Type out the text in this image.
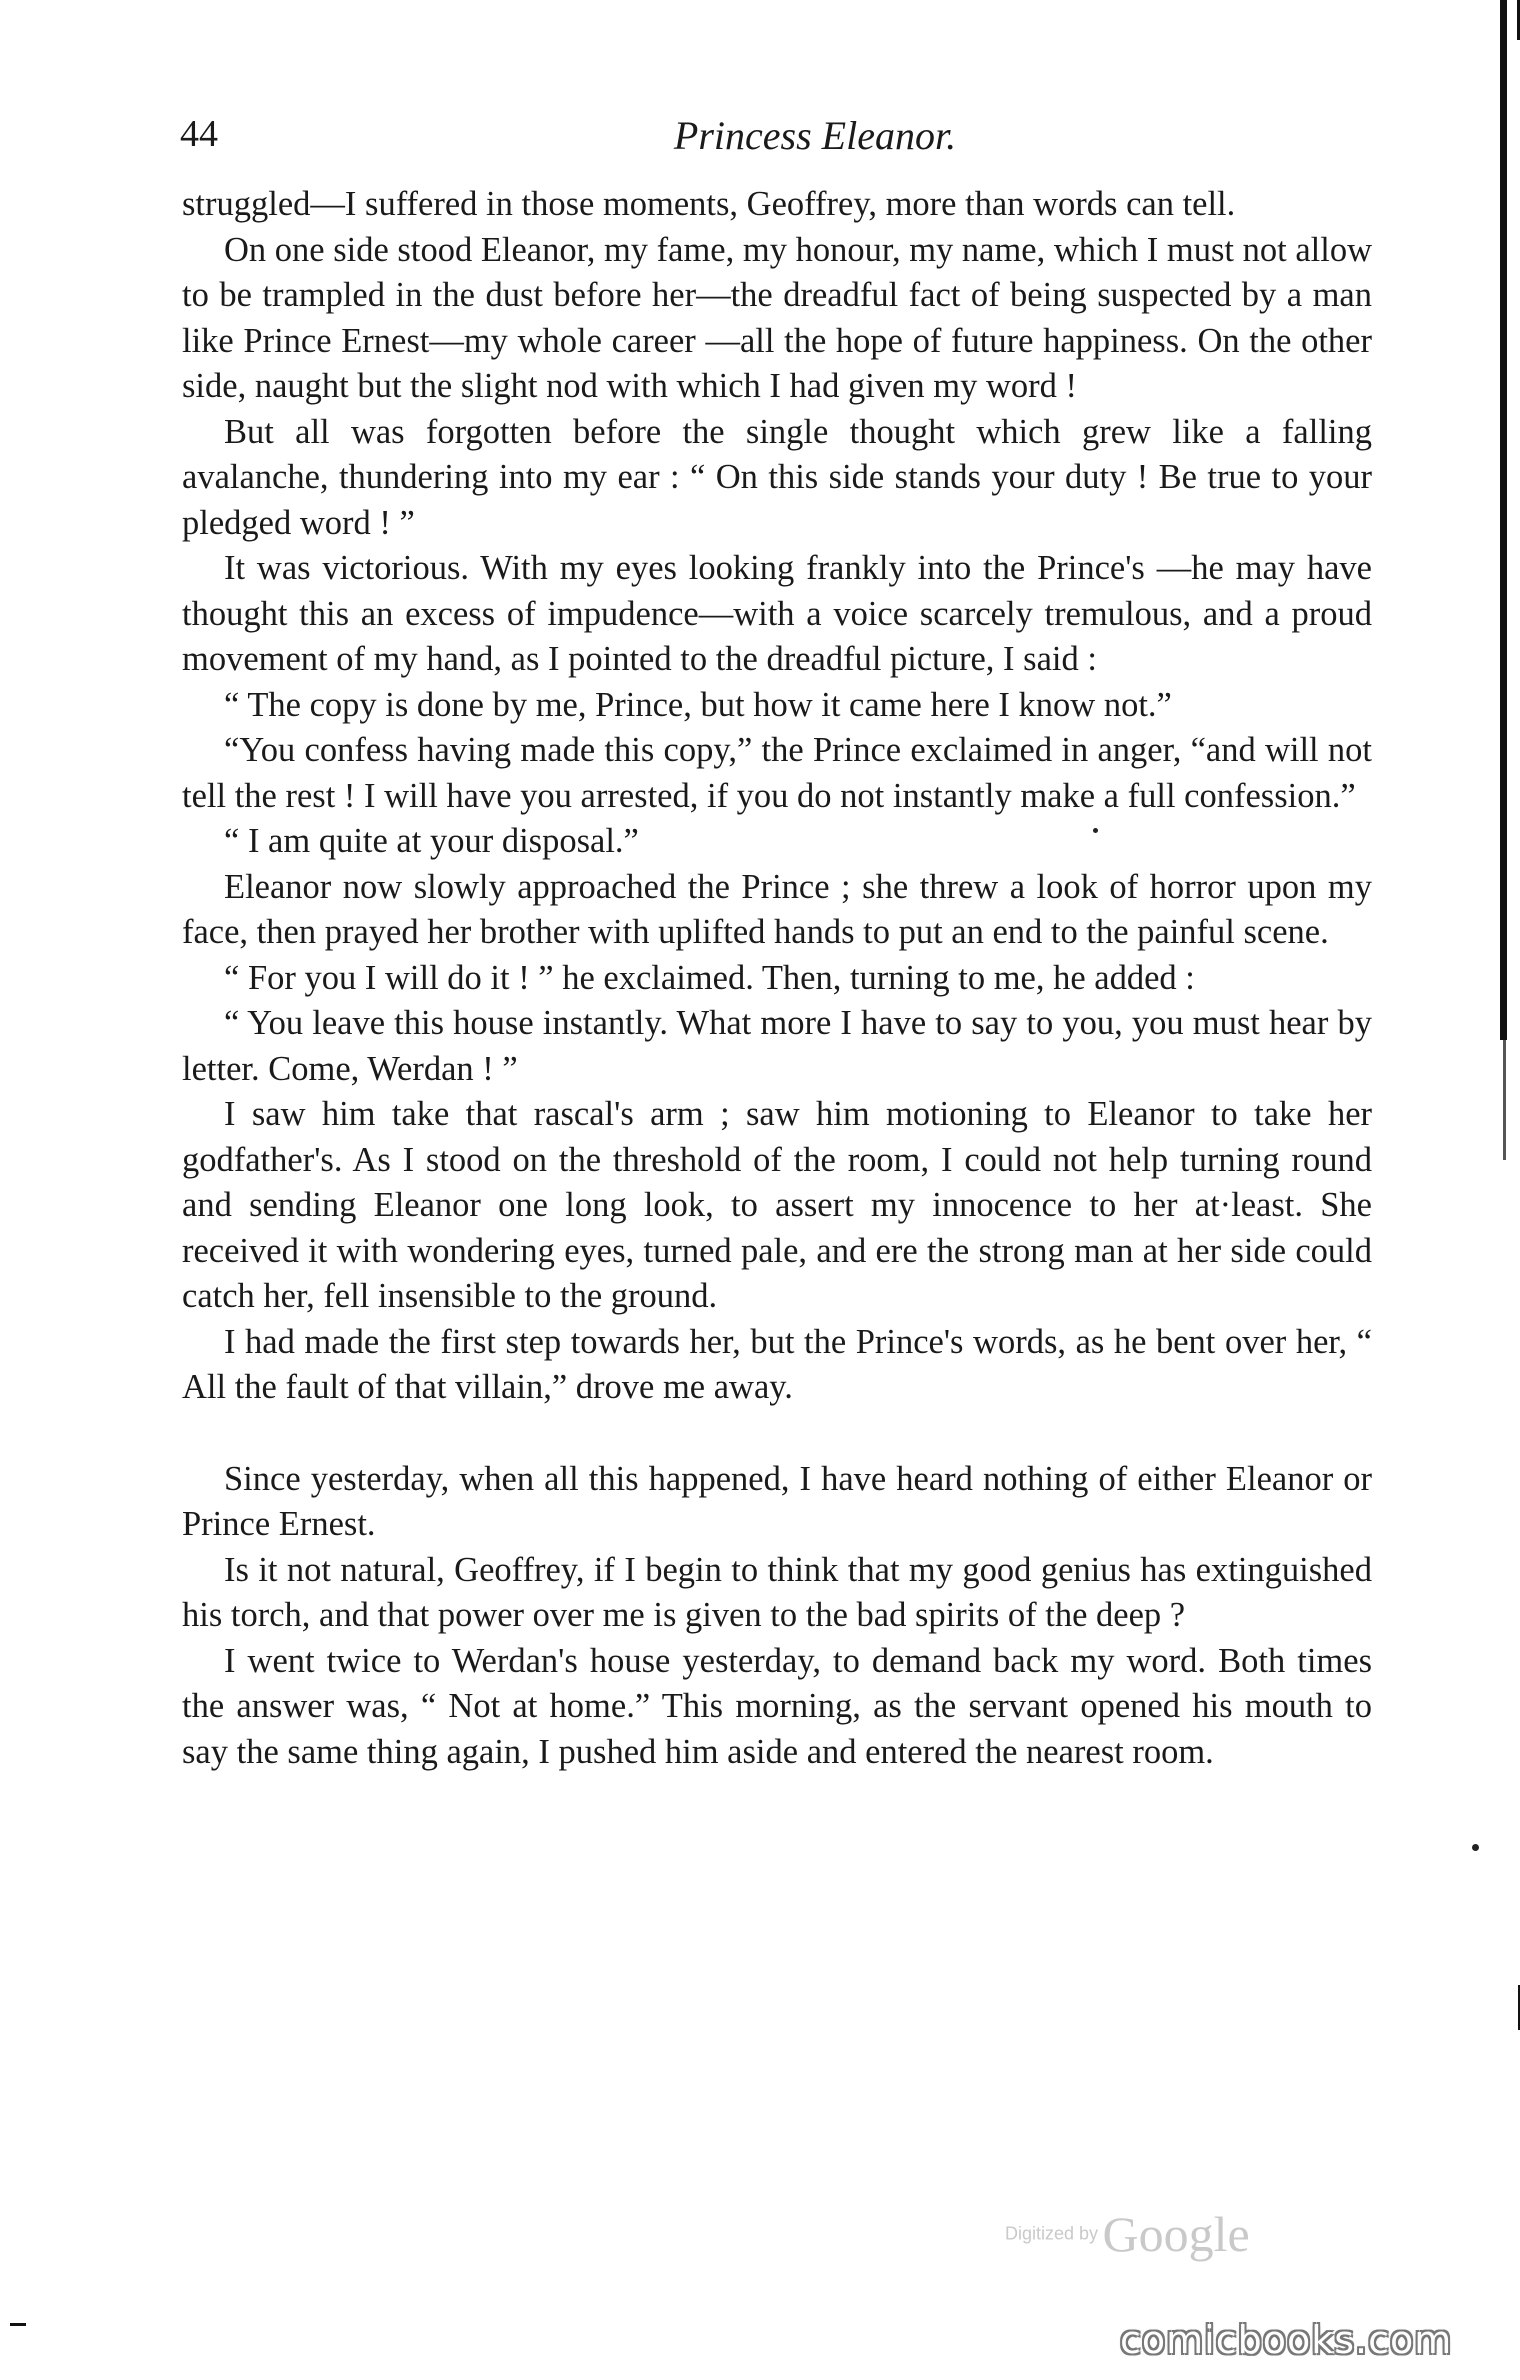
44	Princess Eleanor.

struggled—I suffered in those moments, Geoffrey, more than words can tell.

On one side stood Eleanor, my fame, my honour, my name, which I must not allow to be trampled in the dust before her—the dreadful fact of being suspected by a man like Prince Ernest—my whole career —all the hope of future happiness. On the other side, naught but the slight nod with which I had given my word !

But all was forgotten before the single thought which grew like a falling avalanche, thundering into my ear : “ On this side stands your duty ! Be true to your pledged word ! ”

It was victorious. With my eyes looking frankly into the Prince's —he may have thought this an excess of impudence—with a voice scarcely tremulous, and a proud movement of my hand, as I pointed to the dreadful picture, I said :

“ The copy is done by me, Prince, but how it came here I know not.”

“You confess having made this copy,” the Prince exclaimed in anger, “and will not tell the rest ! I will have you arrested, if you do not instantly make a full confession.”

“ I am quite at your disposal.”

Eleanor now slowly approached the Prince ; she threw a look of horror upon my face, then prayed her brother with uplifted hands to put an end to the painful scene.

“ For you I will do it ! ” he exclaimed. Then, turning to me, he added :

“ You leave this house instantly. What more I have to say to you, you must hear by letter. Come, Werdan ! ”

I saw him take that rascal's arm ; saw him motioning to Eleanor to take her godfather's. As I stood on the threshold of the room, I could not help turning round and sending Eleanor one long look, to assert my innocence to her at·least. She received it with wondering eyes, turned pale, and ere the strong man at her side could catch her, fell insensible to the ground.

I had made the first step towards her, but the Prince's words, as he bent over her, “ All the fault of that villain,” drove me away.

Since yesterday, when all this happened, I have heard nothing of either Eleanor or Prince Ernest.

Is it not natural, Geoffrey, if I begin to think that my good genius has extinguished his torch, and that power over me is given to the bad spirits of the deep ?

I went twice to Werdan's house yesterday, to demand back my word. Both times the answer was, “ Not at home.” This morning, as the servant opened his mouth to say the same thing again, I pushed him aside and entered the nearest room.

Digitized by Google
comicbooks.com
